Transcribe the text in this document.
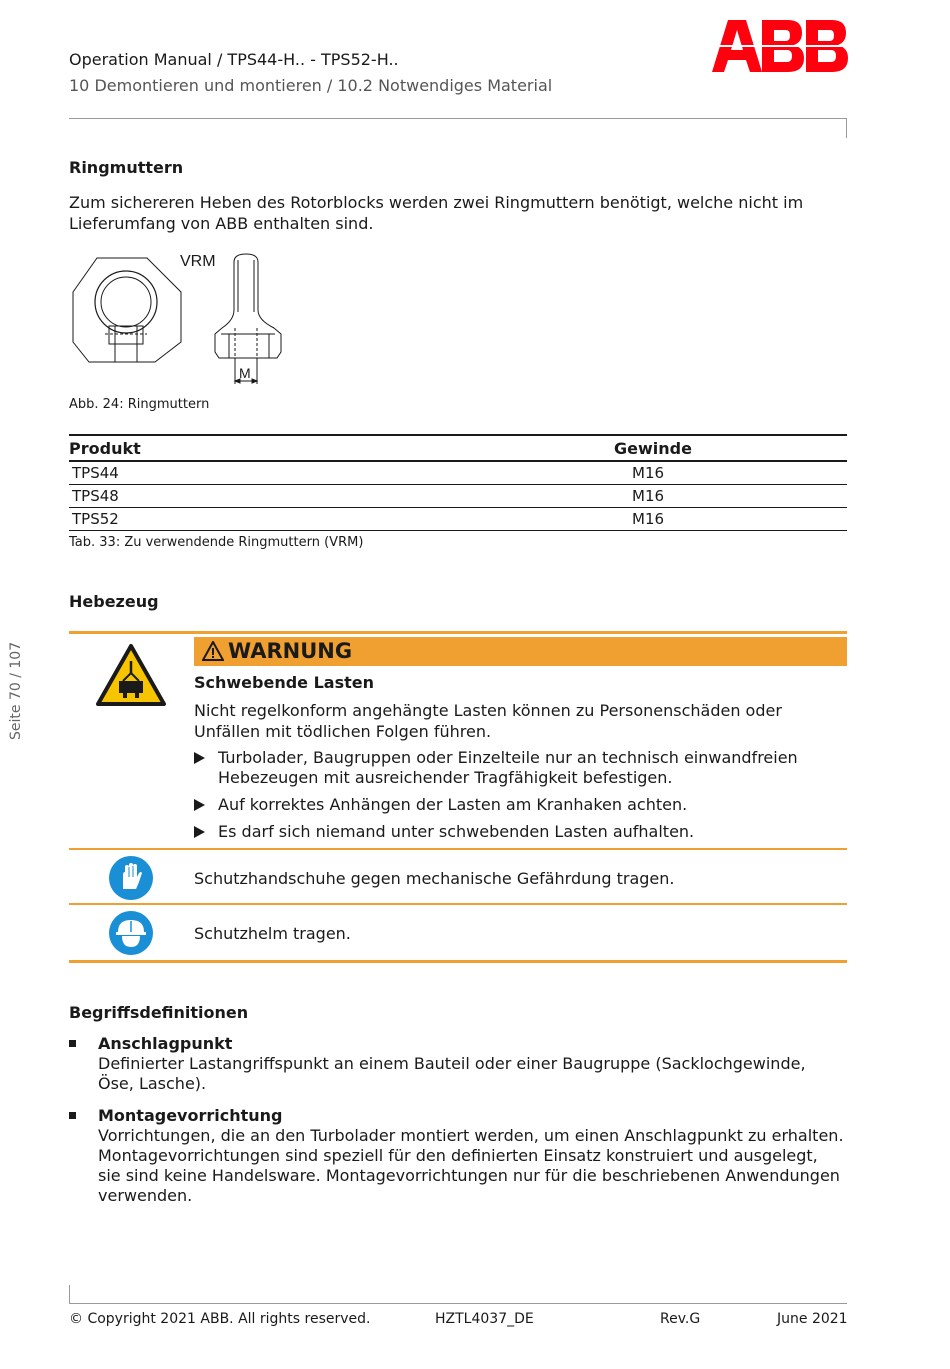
Operation Manual / TPS44-H.. - TPS52-H..
10 Demontieren und montieren / 10.2 Notwendiges Material
Seite 70 / 107
Ringmuttern
Zum sichereren Heben des Rotorblocks werden zwei Ringmuttern benötigt, welche nicht im Lieferumfang von ABB enthalten sind.
VRM
M
Abb. 24: Ringmuttern
Produkt	Gewinde
TPS44	M16
TPS48	M16
TPS52	M16
Tab. 33: Zu verwendende Ringmuttern (VRM)
Hebezeug
WARNUNG
Schwebende Lasten
Nicht regelkonform angehängte Lasten können zu Personenschäden oder Unfällen mit tödlichen Folgen führen.
Turbolader, Baugruppen oder Einzelteile nur an technisch einwandfreien Hebezeugen mit ausreichender Tragfähigkeit befestigen.
Auf korrektes Anhängen der Lasten am Kranhaken achten.
Es darf sich niemand unter schwebenden Lasten aufhalten.
Schutzhandschuhe gegen mechanische Gefährdung tragen.
Schutzhelm tragen.
Begriffsdefinitionen
Anschlagpunkt
Definierter Lastangriffspunkt an einem Bauteil oder einer Baugruppe (Sacklochgewinde, Öse, Lasche).
Montagevorrichtung
Vorrichtungen, die an den Turbolader montiert werden, um einen Anschlagpunkt zu erhalten. Montagevorrichtungen sind speziell für den definierten Einsatz konstruiert und ausgelegt, sie sind keine Handelsware. Montagevorrichtungen nur für die beschriebenen Anwendungen verwenden.
© Copyright 2021 ABB. All rights reserved.	HZTL4037_DE	Rev.G	June 2021
